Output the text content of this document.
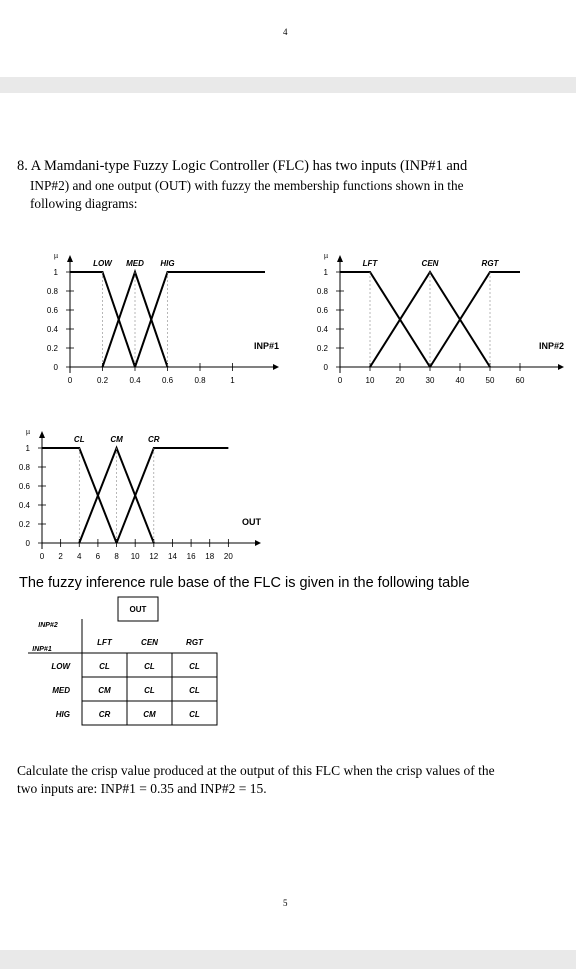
4
8. A Mamdani-type Fuzzy Logic Controller (FLC) has two inputs (INP#1 and
INP#2) and one output (OUT) with fuzzy the membership functions shown in the
following diagrams:
µ
0
0.2
0.4
0.6
0.8
1
0	0.2	0.4	0.6	0.8	1
LOW MED HIG
INP#1
µ
0
0.2
0.4
0.6
0.8
1
0	10	20	30	40	50	60
LFT	CEN	RGT
INP#2
µ
0
0.2
0.4
0.6
0.8
1
0 2 4 6 8 10 12 14 16 18 20
CL	CM	CR
OUT
The fuzzy inference rule base of the FLC is given in the following table
OUT
INP#2
INP#1
LFT	CEN	RGT
LOW	CL	CL	CL
MED	CM	CL	CL
HIG	CR	CM	CL
Calculate the crisp value produced at the output of this FLC when the crisp values of the
two inputs are: INP#1 = 0.35 and INP#2 = 15.
5
